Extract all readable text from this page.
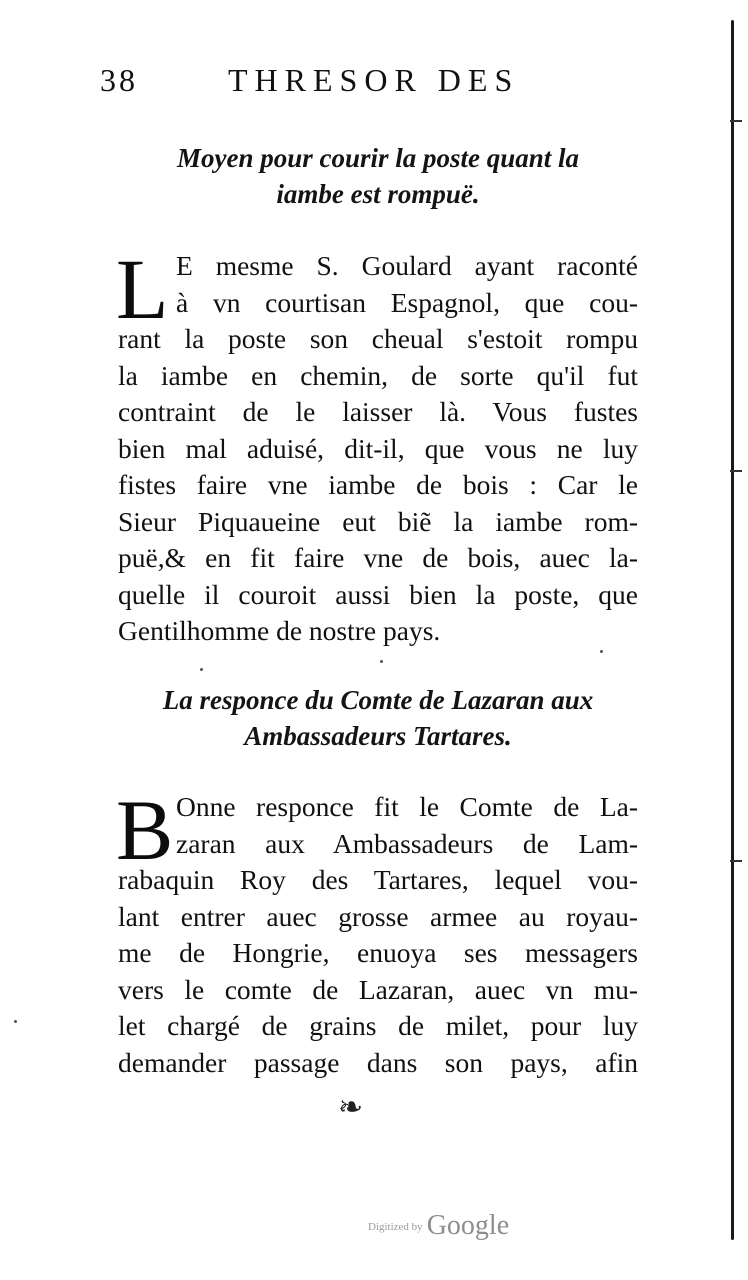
38	THRESOR DES
Moyen pour courir la poste quant la
iambe est rompuë.
L E mesme S. Goulard ayant raconté
à vn courtisan Espagnol, que cou-
rant la poste son cheual s'estoit rompu
la iambe en chemin, de sorte qu'il fut
contraint de le laisser là. Vous fustes
bien mal aduisé, dit-il, que vous ne luy
fistes faire vne iambe de bois : Car le
Sieur Piquaueine eut biẽ la iambe rom-
puë,& en fit faire vne de bois, auec la-
quelle il couroit aussi bien la poste, que
Gentilhomme de nostre pays.
La responce du Comte de Lazaran aux
Ambassadeurs Tartares.
B Onne responce fit le Comte de La-
zaran aux Ambassadeurs de Lam-
rabaquin Roy des Tartares, lequel vou-
lant entrer auec grosse armee au royau-
me de Hongrie, enuoya ses messagers
vers le comte de Lazaran, auec vn mu-
let chargé de grains de milet, pour luy
demander passage dans son pays, afin
❧
$^{Digitized by}$ Google
